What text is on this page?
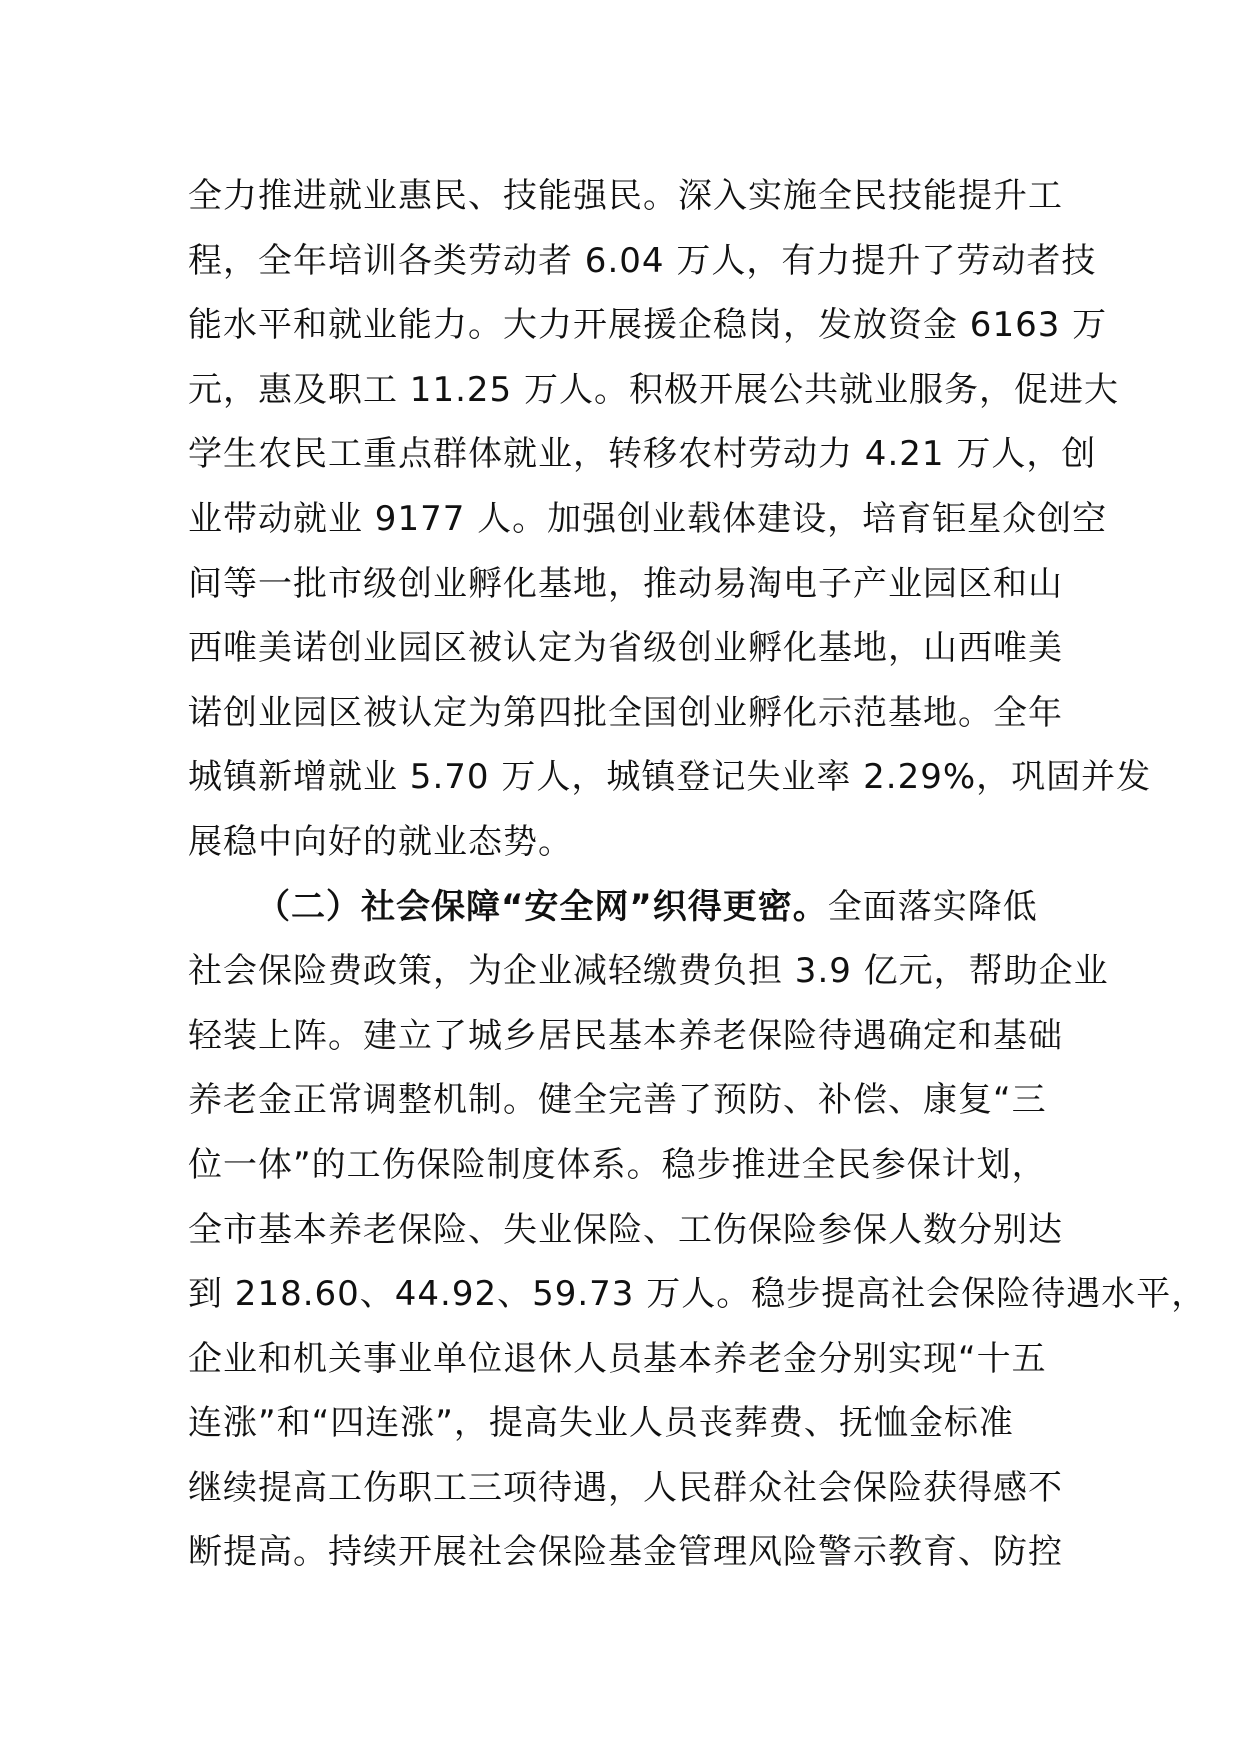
全力推进就业惠民、技能强民。深入实施全民技能提升工
程，全年培训各类劳动者 6.04 万人，有力提升了劳动者技
能水平和就业能力。大力开展援企稳岗，发放资金 6163 万
元，惠及职工 11.25 万人。积极开展公共就业服务，促进大
学生农民工重点群体就业，转移农村劳动力 4.21 万人，创
业带动就业 9177 人。加强创业载体建设，培育钜星众创空
间等一批市级创业孵化基地，推动易淘电子产业园区和山
西唯美诺创业园区被认定为省级创业孵化基地，山西唯美
诺创业园区被认定为第四批全国创业孵化示范基地。全年
城镇新增就业 5.70 万人，城镇登记失业率 2.29%，巩固并发
展稳中向好的就业态势。
（二）社会保障“安全网”织得更密。全面落实降低
社会保险费政策，为企业减轻缴费负担 3.9 亿元，帮助企业
轻装上阵。建立了城乡居民基本养老保险待遇确定和基础
养老金正常调整机制。健全完善了预防、补偿、康复“三
位一体”的工伤保险制度体系。稳步推进全民参保计划，
全市基本养老保险、失业保险、工伤保险参保人数分别达
到 218.60、44.92、59.73 万人。稳步提高社会保险待遇水平，
企业和机关事业单位退休人员基本养老金分别实现“十五
连涨”和“四连涨”，提高失业人员丧葬费、抚恤金标准
继续提高工伤职工三项待遇，人民群众社会保险获得感不
断提高。持续开展社会保险基金管理风险警示教育、防控
